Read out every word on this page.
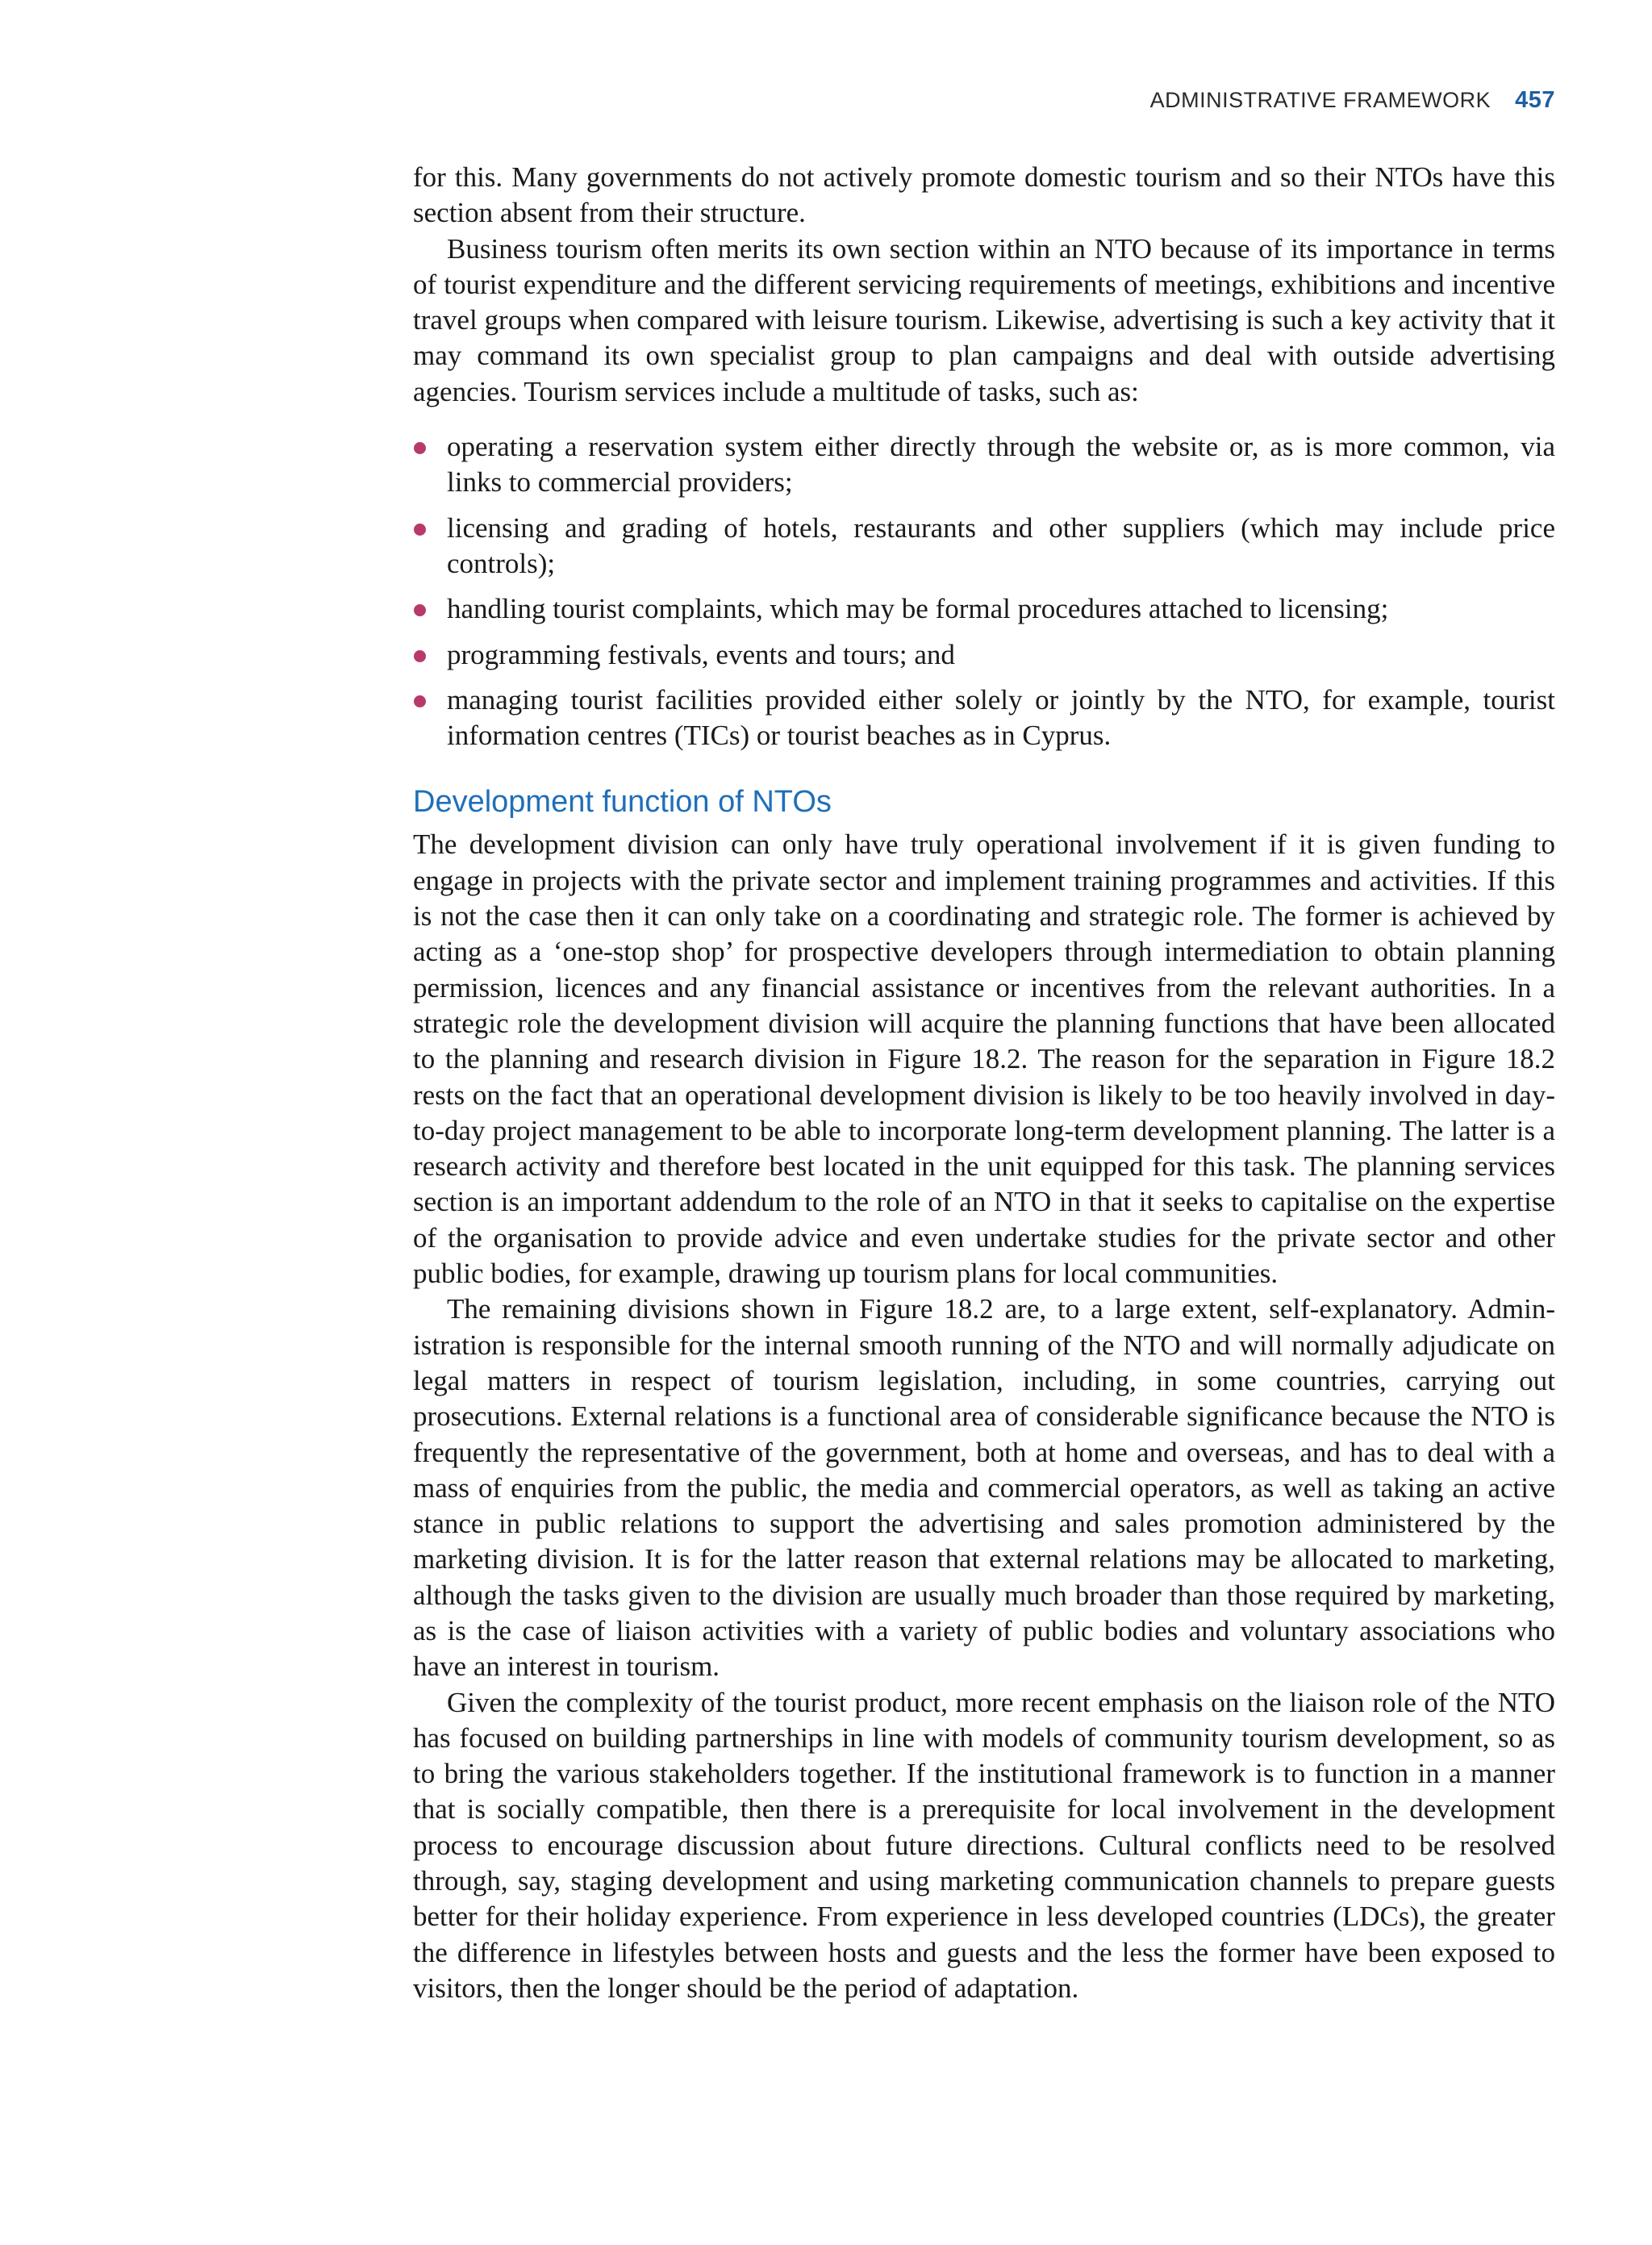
ADMINISTRATIVE FRAMEWORK 457

for this. Many governments do not actively promote domestic tourism and so their NTOs have this section absent from their structure.

Business tourism often merits its own section within an NTO because of its importance in terms of tourist expenditure and the different servicing requirements of meetings, exhibitions and incentive travel groups when compared with leisure tourism. Likewise, advertising is such a key activity that it may command its own specialist group to plan campaigns and deal with outside advertising agencies. Tourism services include a multitude of tasks, such as:

operating a reservation system either directly through the website or, as is more common, via links to commercial providers;
licensing and grading of hotels, restaurants and other suppliers (which may include price controls);
handling tourist complaints, which may be formal procedures attached to licensing;
programming festivals, events and tours; and
managing tourist facilities provided either solely or jointly by the NTO, for example, tourist information centres (TICs) or tourist beaches as in Cyprus.
Development function of NTOs

The development division can only have truly operational involvement if it is given funding to engage in projects with the private sector and implement training programmes and activities. If this is not the case then it can only take on a coordinating and strategic role. The former is achieved by acting as a ‘one-stop shop’ for prospective developers through intermediation to obtain planning permission, licences and any financial assistance or incentives from the relevant authorities. In a strategic role the development division will acquire the planning functions that have been allocated to the planning and research division in Figure 18.2. The reason for the separation in Figure 18.2 rests on the fact that an operational development division is likely to be too heavily involved in day-to-day project management to be able to incorporate long-term development planning. The latter is a research activity and therefore best located in the unit equipped for this task. The planning services section is an important addendum to the role of an NTO in that it seeks to capitalise on the expertise of the organisation to provide advice and even undertake studies for the private sector and other public bodies, for example, drawing up tourism plans for local communities.

The remaining divisions shown in Figure 18.2 are, to a large extent, self-explanatory. Administration is responsible for the internal smooth running of the NTO and will normally adjudicate on legal matters in respect of tourism legislation, including, in some countries, carrying out prosecutions. External relations is a functional area of considerable significance because the NTO is frequently the representative of the government, both at home and overseas, and has to deal with a mass of enquiries from the public, the media and commercial operators, as well as taking an active stance in public relations to support the advertising and sales promotion administered by the marketing division. It is for the latter reason that external relations may be allocated to marketing, although the tasks given to the division are usually much broader than those required by marketing, as is the case of liaison activities with a variety of public bodies and voluntary associations who have an interest in tourism.

Given the complexity of the tourist product, more recent emphasis on the liaison role of the NTO has focused on building partnerships in line with models of community tourism development, so as to bring the various stakeholders together. If the institutional framework is to function in a manner that is socially compatible, then there is a prerequisite for local involvement in the development process to encourage discussion about future directions. Cultural conflicts need to be resolved through, say, staging development and using marketing communication channels to prepare guests better for their holiday experience. From experience in less developed countries (LDCs), the greater the difference in lifestyles between hosts and guests and the less the former have been exposed to visitors, then the longer should be the period of adaptation.
